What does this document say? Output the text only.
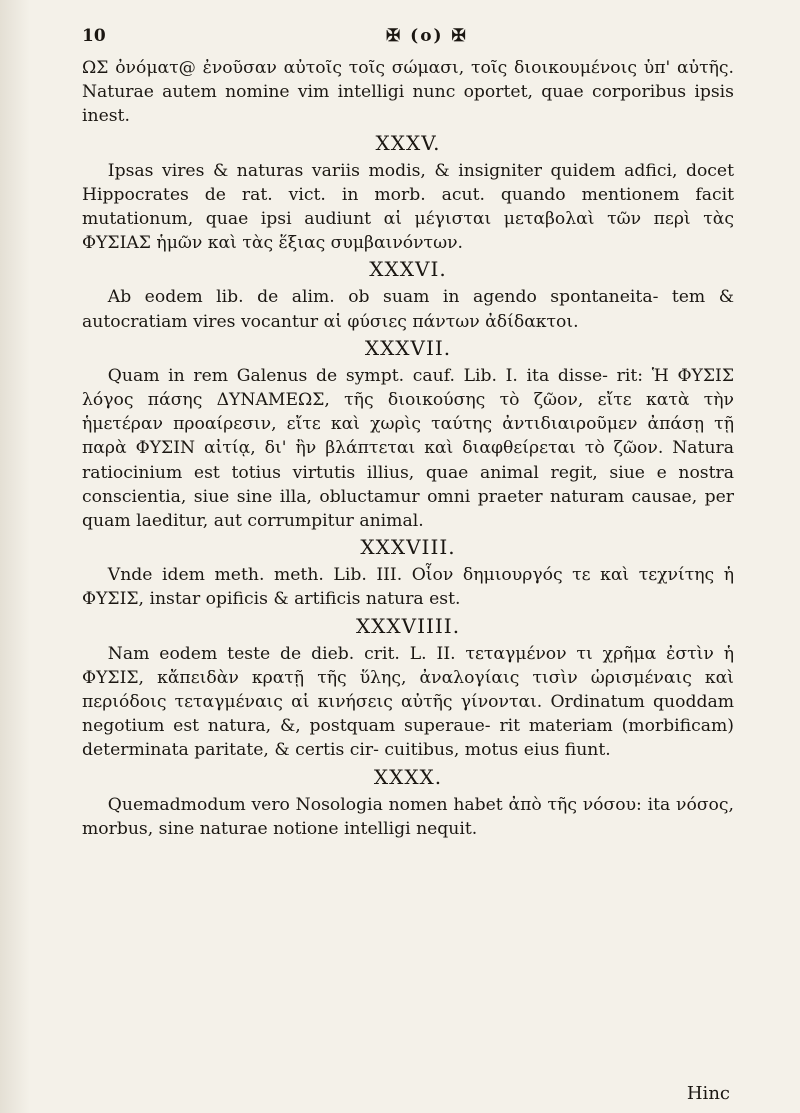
10	✠ (o) ✠

ΩΣ ὀνόματ@ ἐνοῦσαν αὐτοῖς τοῖς σώμασι, τοῖς διοικουμένοις ὑπ' αὐτῆς. Naturae autem nomine vim intelligi nunc oportet, quae corporibus ipsis inest.

XXXV.

Ipsas vires & naturas variis modis, & insigniter quidem adfici, docet Hippocrates de rat. vict. in morb. acut. quando mentionem facit mutationum, quae ipsi audiunt αἱ μέγισται μεταβολαὶ τῶν περὶ τὰς ΦΥΣΙΑΣ ἡμῶν καὶ τὰς ἕξιας συμβαινόντων.

XXXVI.

Ab eodem lib. de alim. ob suam in agendo spontaneita- tem & autocratiam vires vocantur αἱ φύσιες πάντων ἀδίδακτοι.

XXXVII.

Quam in rem Galenus de sympt. cauf. Lib. I. ita disse- rit: Ἡ ΦΥΣΙΣ λόγος πάσης ΔΥΝΑΜΕΩΣ, τῆς διοικούσης τὸ ζῶον, εἴτε κατὰ τὴν ἡμετέραν προαίρεσιν, εἴτε καὶ χωρὶς ταύτης ἀντιδιαιροῦμεν ἀπάσῃ τῇ παρὰ ΦΥΣΙΝ αἰτίᾳ, δι' ἣν βλάπτεται καὶ διαφθείρεται τὸ ζῶον. Natura ratiocinium est totius virtutis illius, quae animal regit, siue e nostra conscientia, siue sine illa, obluctamur omni praeter naturam causae, per quam laeditur, aut corrumpitur animal.

XXXVIII.

Vnde idem meth. meth. Lib. III. Οἷον δημιουργός τε καὶ τεχνίτης ἡ ΦΥΣΙΣ, instar opificis & artificis natura est.

XXXVIIII.

Nam eodem teste de dieb. crit. L. II. τεταγμένον τι χρῆμα ἐστὶν ἡ ΦΥΣΙΣ, κἄπειδὰν κρατῇ τῆς ὕλης, ἀναλογίαις τισὶν ὡρισμέναις καὶ περιόδοις τεταγμέναις αἱ κινήσεις αὐτῆς γίνονται. Ordinatum quoddam negotium est natura, &, postquam superaue- rit materiam (morbificam) determinata paritate, & certis cir- cuitibus, motus eius fiunt.

XXXX.

Quemadmodum vero Nosologia nomen habet ἀπὸ τῆς νόσου: ita νόσος, morbus, sine naturae notione intelligi nequit.

Hinc
